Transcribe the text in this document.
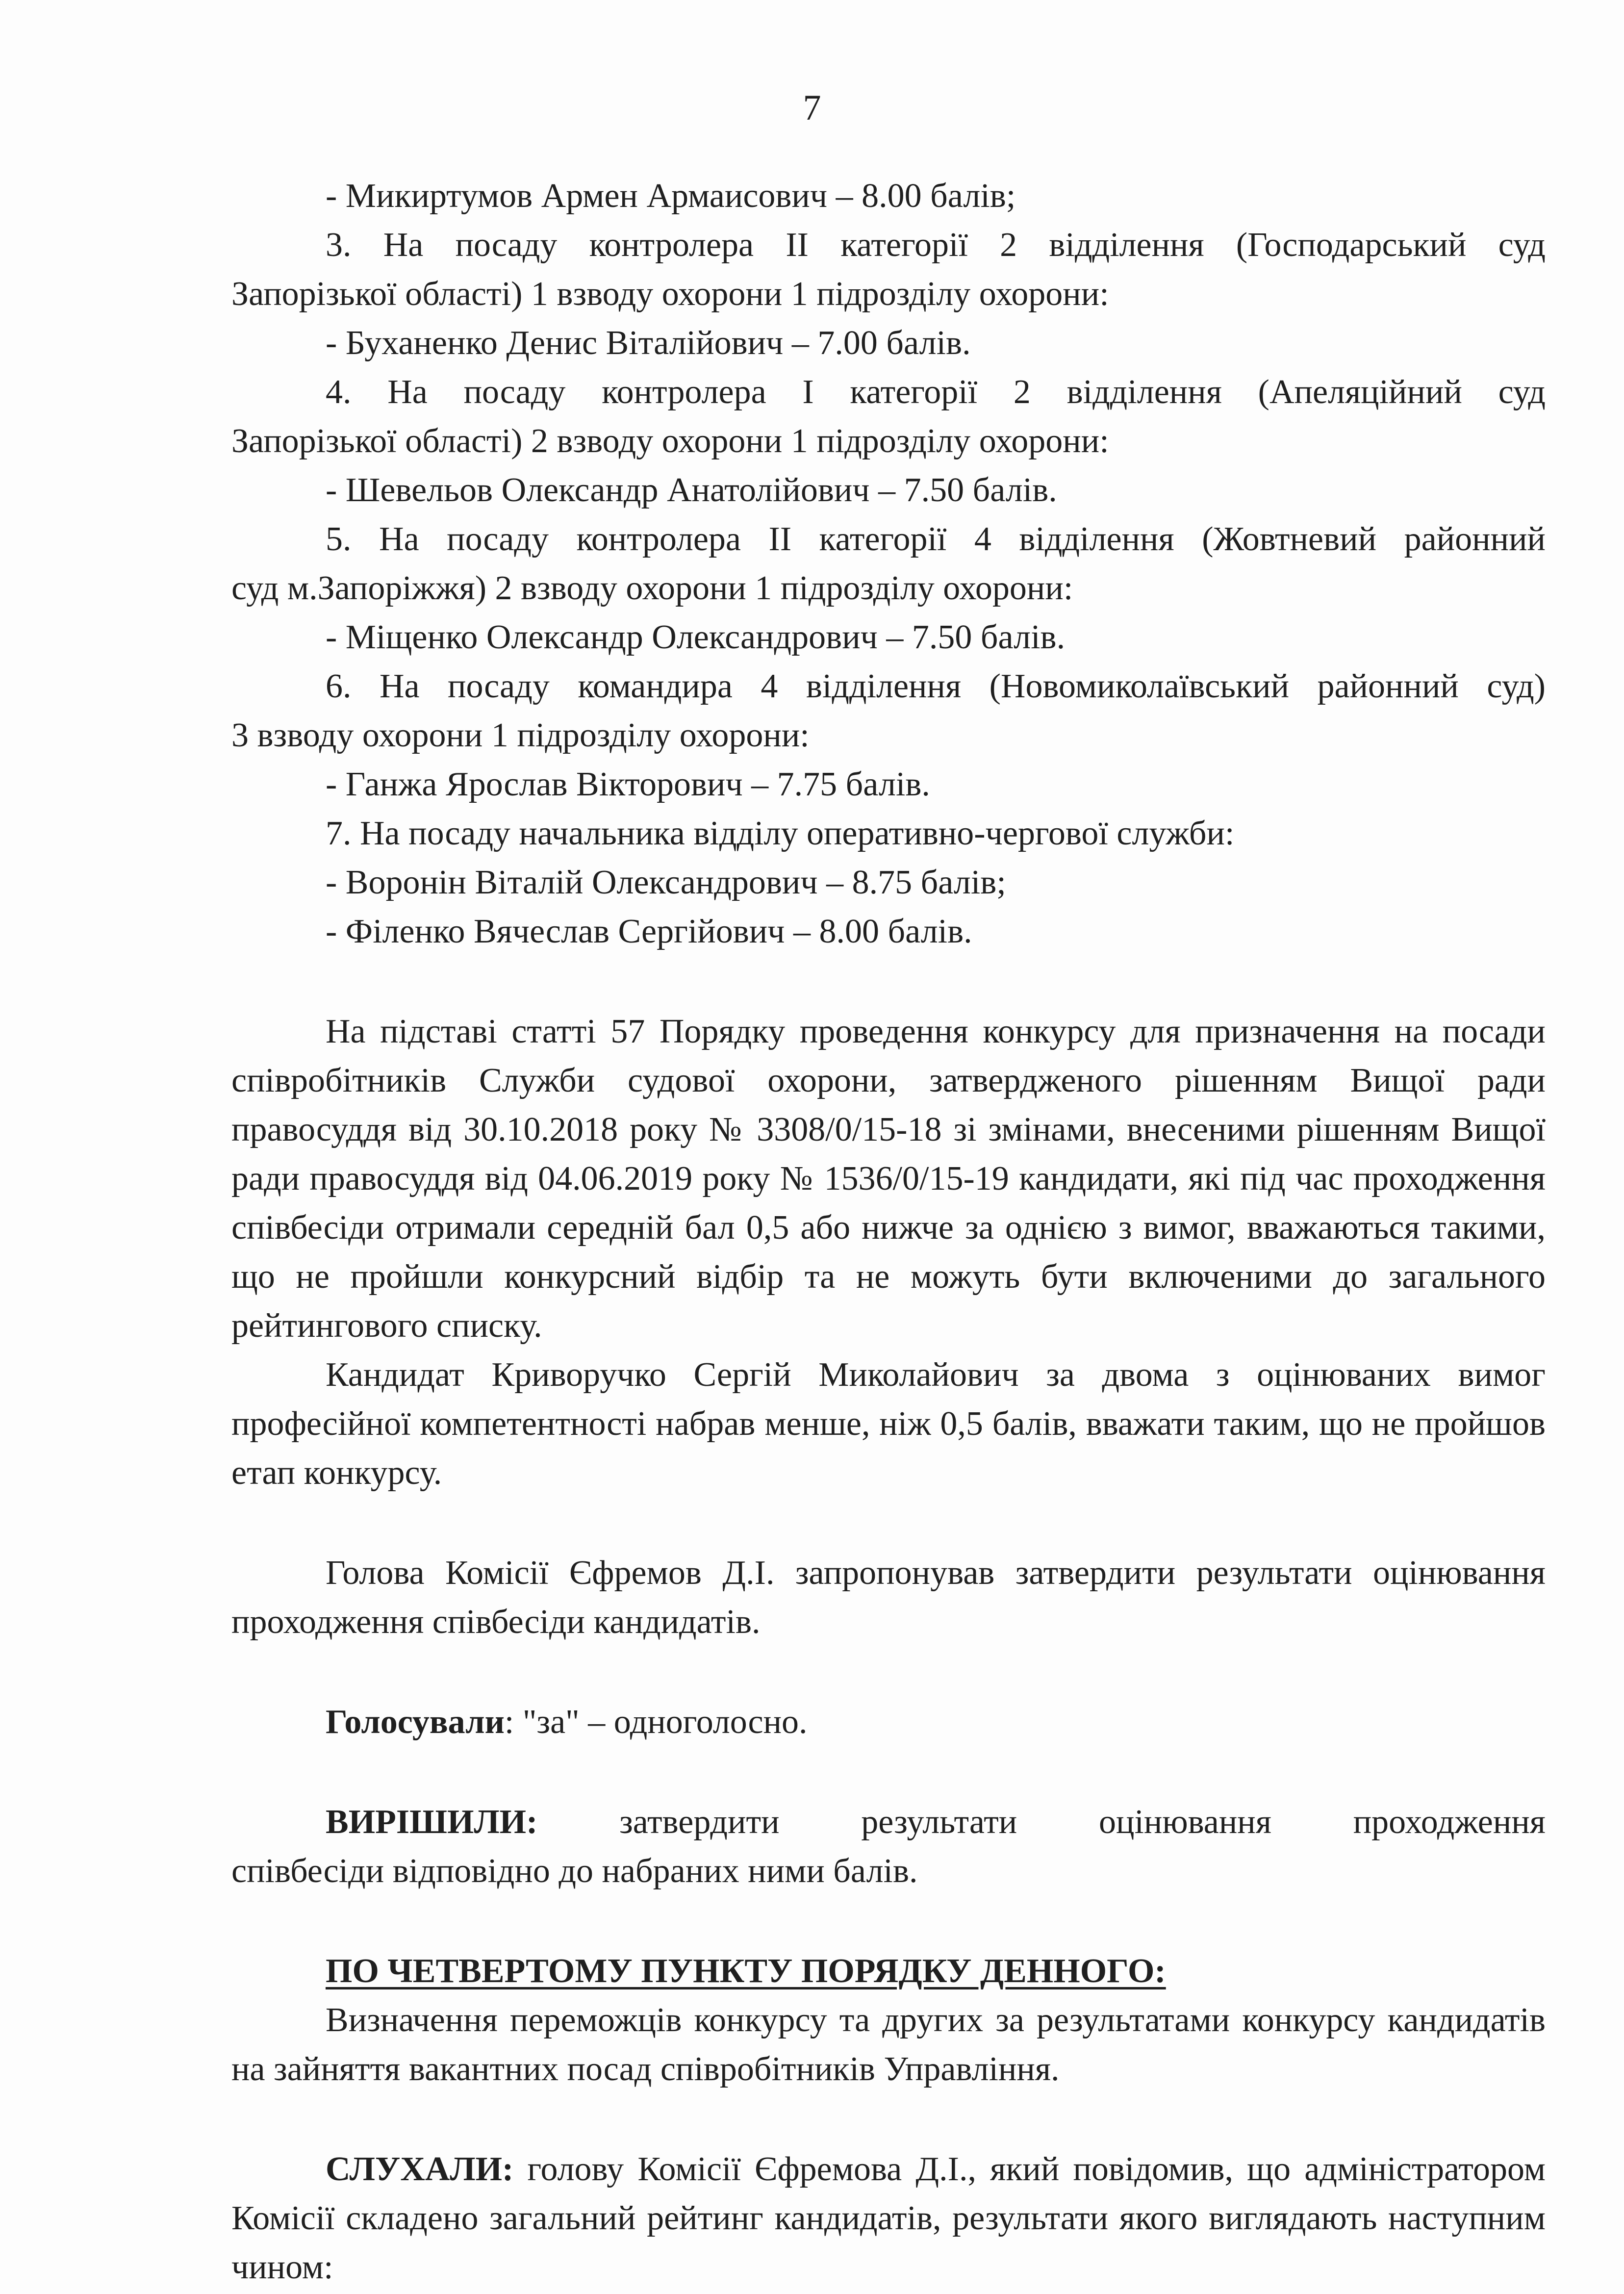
7
- Микиртумов Армен Армаисович – 8.00 балів;
3. На посаду контролера ІІ категорії 2 відділення (Господарський суд
Запорізької області) 1 взводу охорони 1 підрозділу охорони:
- Буханенко Денис Віталійович – 7.00 балів.
4. На посаду контролера І категорії 2 відділення (Апеляційний суд
Запорізької області) 2 взводу охорони 1 підрозділу охорони:
- Шевельов Олександр Анатолійович – 7.50 балів.
5. На посаду контролера ІІ категорії 4 відділення (Жовтневий районний
суд м.Запоріжжя) 2 взводу охорони 1 підрозділу охорони:
- Міщенко Олександр Олександрович – 7.50 балів.
6. На посаду командира 4 відділення (Новомиколаївський районний суд)
3 взводу охорони 1 підрозділу охорони:
- Ганжа Ярослав Вікторович – 7.75 балів.
7. На посаду начальника відділу оперативно-чергової служби:
- Воронін Віталій Олександрович – 8.75 балів;
- Філенко Вячеслав Сергійович – 8.00 балів.
На підставі статті 57 Порядку проведення конкурсу для призначення на посади співробітників Служби судової охорони, затвердженого рішенням Вищої ради правосуддя від 30.10.2018 року № 3308/0/15-18 зі змінами, внесеними рішенням Вищої ради правосуддя від 04.06.2019 року № 1536/0/15-19 кандидати, які під час проходження співбесіди отримали середній бал 0,5 або нижче за однією з вимог, вважаються такими, що не пройшли конкурсний відбір та не можуть бути включеними до загального рейтингового списку.
Кандидат Криворучко Сергій Миколайович за двома з оцінюваних вимог професійної компетентності набрав менше, ніж 0,5 балів, вважати таким, що не пройшов етап конкурсу.
Голова Комісії Єфремов Д.І. запропонував затвердити результати оцінювання проходження співбесіди кандидатів.
Голосували: "за" – одноголосно.
ВИРІШИЛИ: затвердити результати оцінювання проходження
співбесіди відповідно до набраних ними балів.
ПО ЧЕТВЕРТОМУ ПУНКТУ ПОРЯДКУ ДЕННОГО:
Визначення переможців конкурсу та других за результатами конкурсу кандидатів на зайняття вакантних посад співробітників Управління.
СЛУХАЛИ: голову Комісії Єфремова Д.І., який повідомив, що адміністратором Комісії складено загальний рейтинг кандидатів, результати якого виглядають наступним чином:
